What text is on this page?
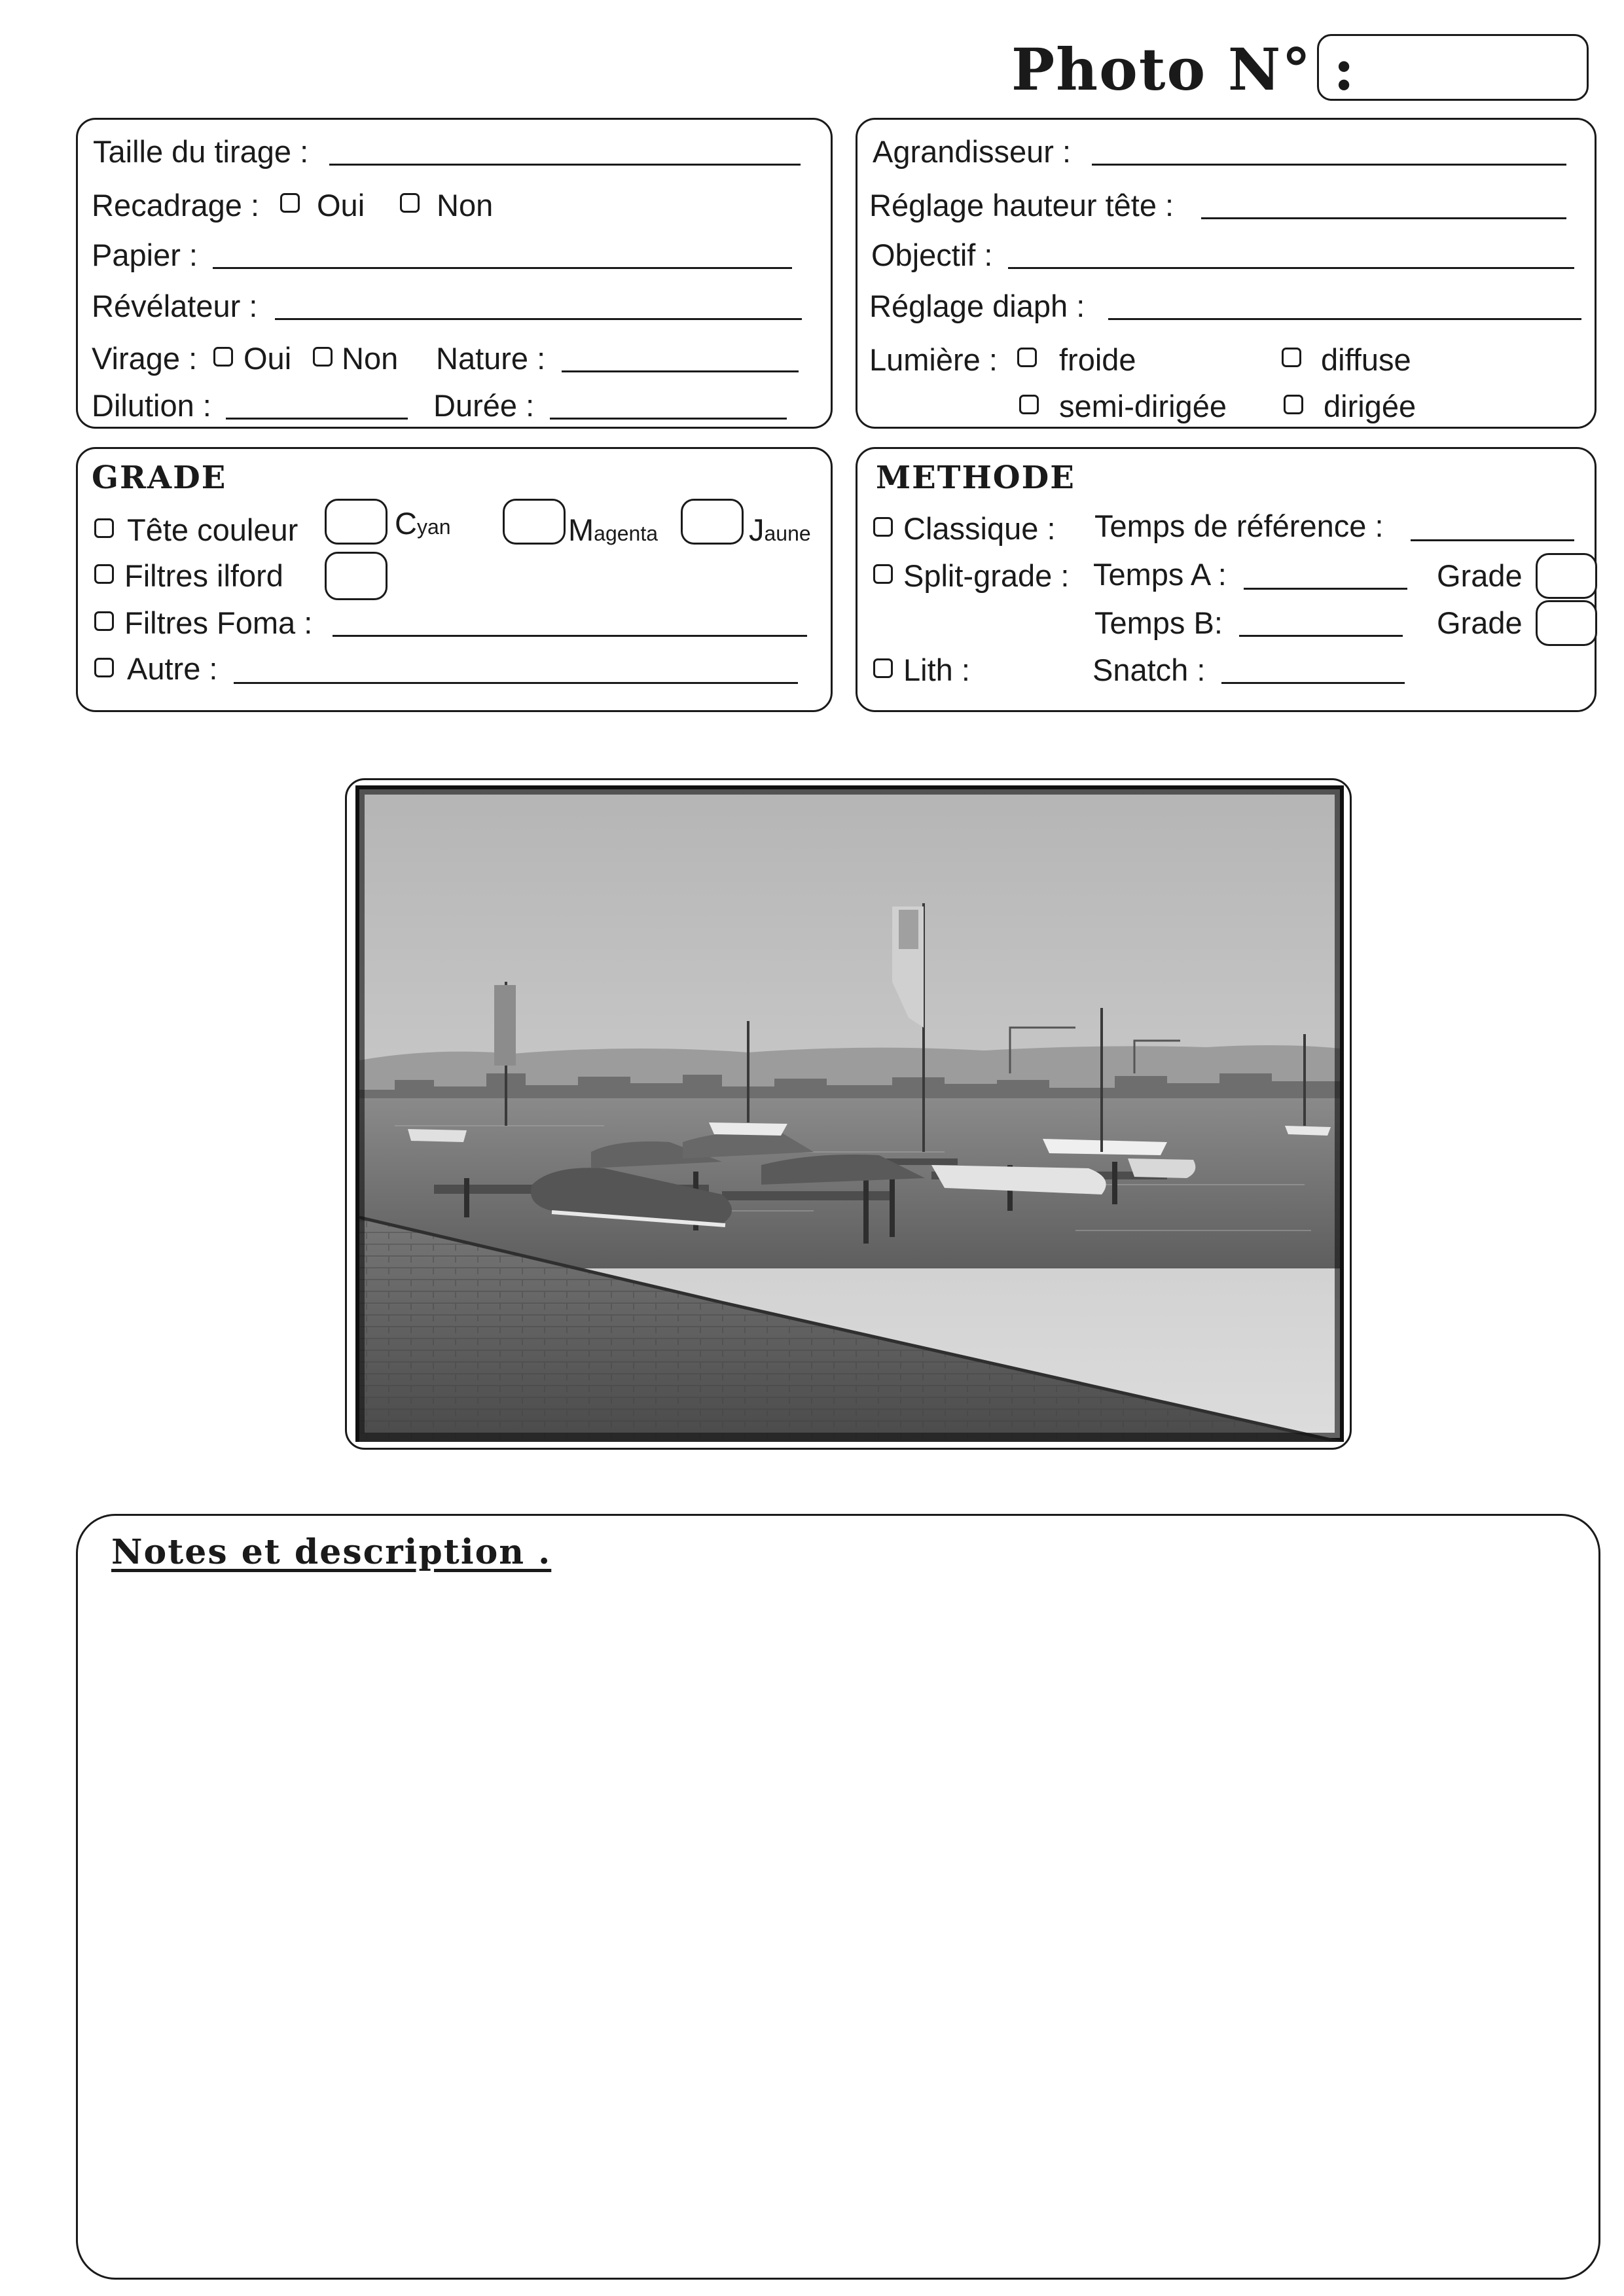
Photo N° :
Taille du tirage :
Recadrage : Oui Non
Papier :
Révélateur :
Virage : Oui Non Nature :
Dilution :	Durée :
Agrandisseur :
Réglage hauteur tête :
Objectif :
Réglage diaph :
Lumière : froide	diffuse
semi-dirigée	dirigée
GRADE
Tête couleur	Cyan	Magenta	Jaune
Filtres ilford
Filtres Foma :
Autre :
METHODE
Classique : Temps de référence :
Split-grade : Temps A :	Grade
Temps B:	Grade
Lith :	Snatch :
Notes et description .
